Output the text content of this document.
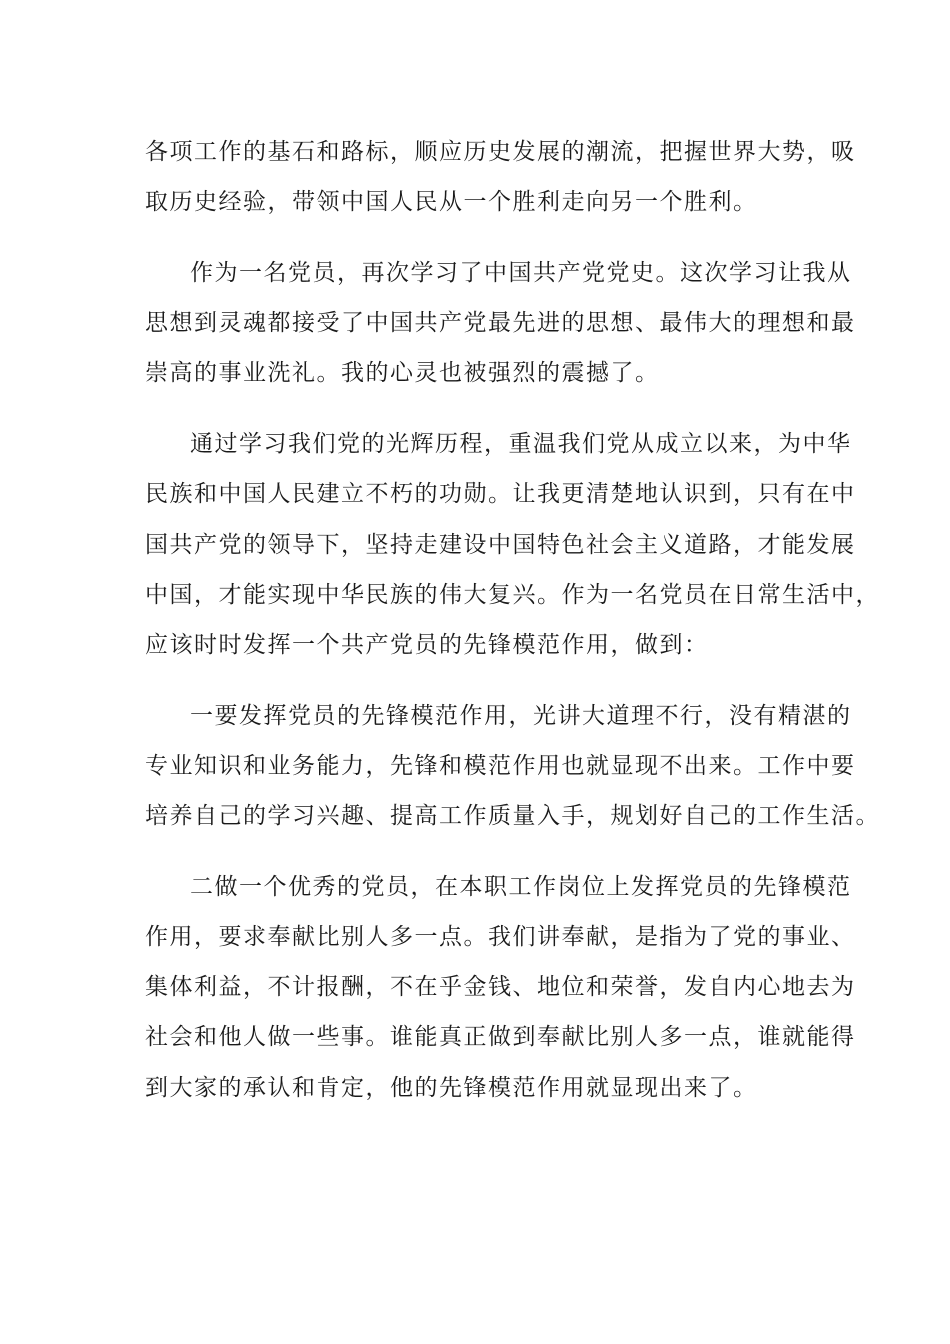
各项工作的基石和路标，顺应历史发展的潮流，把握世界大势，吸
取历史经验，带领中国人民从一个胜利走向另一个胜利。
作为一名党员，再次学习了中国共产党党史。这次学习让我从
思想到灵魂都接受了中国共产党最先进的思想、最伟大的理想和最
崇高的事业洗礼。我的心灵也被强烈的震撼了。
通过学习我们党的光辉历程，重温我们党从成立以来，为中华
民族和中国人民建立不朽的功勋。让我更清楚地认识到，只有在中
国共产党的领导下，坚持走建设中国特色社会主义道路，才能发展
中国，才能实现中华民族的伟大复兴。作为一名党员在日常生活中，
应该时时发挥一个共产党员的先锋模范作用，做到：
一要发挥党员的先锋模范作用，光讲大道理不行，没有精湛的
专业知识和业务能力，先锋和模范作用也就显现不出来。工作中要
培养自己的学习兴趣、提高工作质量入手，规划好自己的工作生活。
二做一个优秀的党员，在本职工作岗位上发挥党员的先锋模范
作用，要求奉献比别人多一点。我们讲奉献，是指为了党的事业、
集体利益，不计报酬，不在乎金钱、地位和荣誉，发自内心地去为
社会和他人做一些事。谁能真正做到奉献比别人多一点，谁就能得
到大家的承认和肯定，他的先锋模范作用就显现出来了。
